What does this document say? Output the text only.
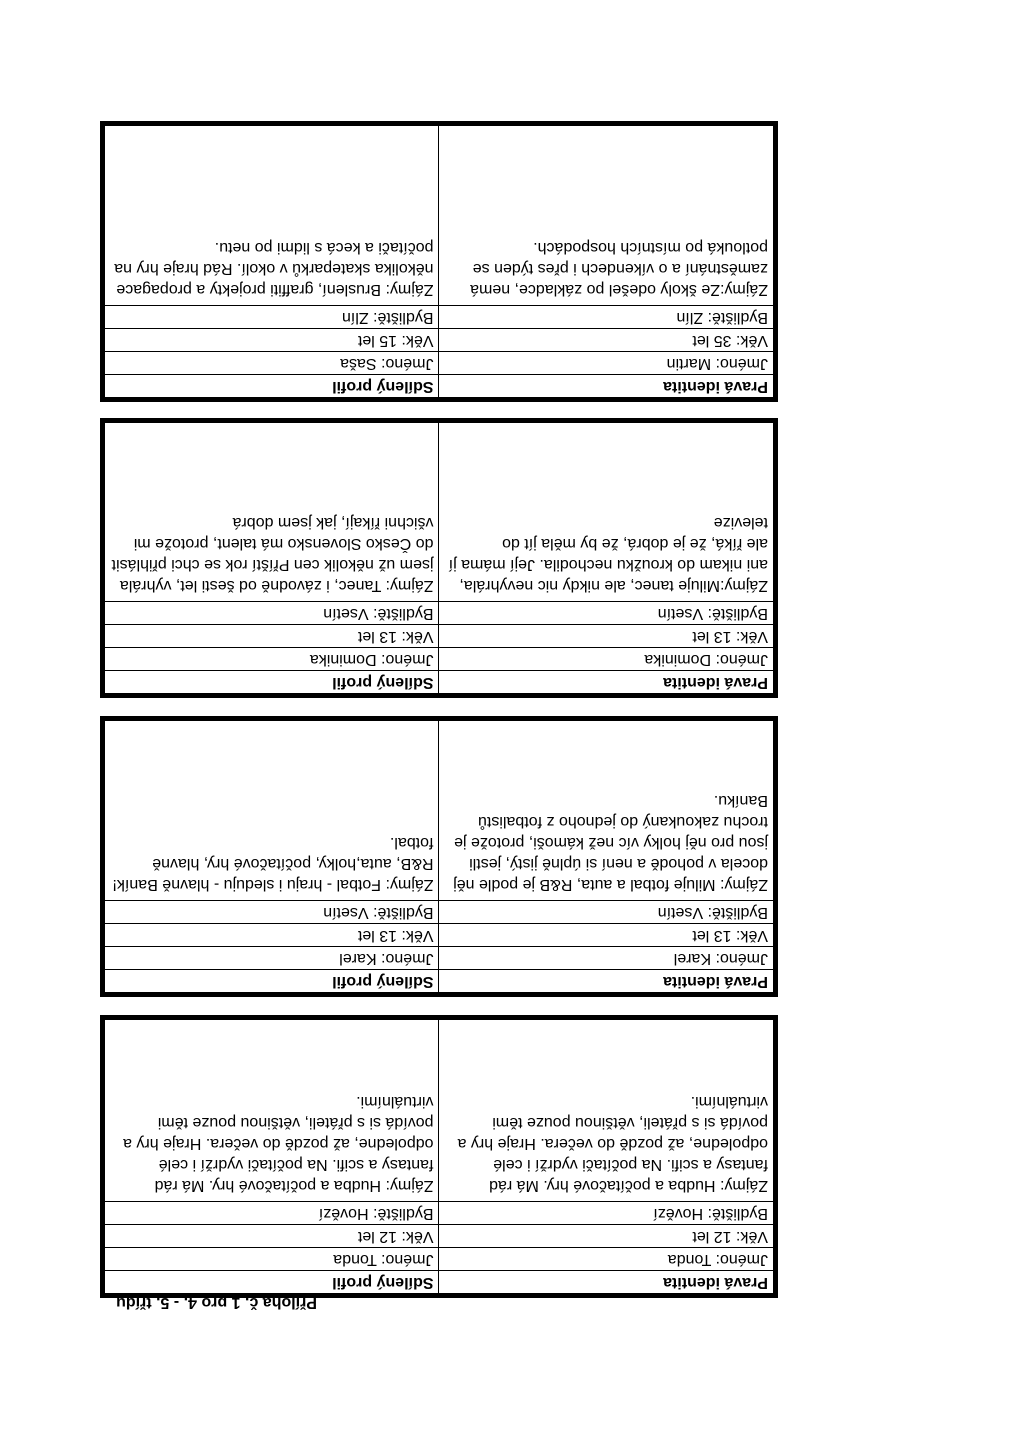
Příloha č. 1 pro 4. - 5. třídu
Pravá identita	Sdílený profil
Jméno: Tonda	Jméno: Tonda
Věk: 12 let	Věk: 12 let
Bydliště: Hovězí	Bydliště: Hovězí
Zájmy: Hudba a počítačové hry. Má rád fantasy a scifi. Na počítači vydrží i celé odpoledne, až pozdě do večera. Hraje hry a povídá si s přáteli, většinou pouze těmi virtuálními.	Zájmy: Hudba a počítačové hry. Má rád fantasy a scifi. Na počítači vydrží i celé odpoledne, až pozdě do večera. Hraje hry a povídá si s přáteli, většinou pouze těmi virtuálními.
Pravá identita	Sdílený profil
Jméno: Karel	Jméno: Karel
Věk: 13 let	Věk: 13 let
Bydliště: Vsetín	Bydliště: Vsetín
Zájmy: Miluje fotbal a auta, R&B je podle něj docela v pohodě a není si úplně jistý, jestli jsou pro něj holky víc než kámoši, protože je trochu zakoukaný do jednoho z fotbalistů Baníku.	Zájmy: Fotbal - hraju i sleduju - hlavně Baník! R&B, auta,holky, počítačové hry, hlavně fotbal.
Pravá identita	Sdílený profil
Jméno: Dominika	Jméno: Dominika
Věk: 13 let	Věk: 13 let
Bydliště: Vsetín	Bydliště: Vsetín
Zájmy:Miluje tanec, ale nikdy nic nevyhrála, ani nikam do kroužku nechodila. Její máma jí ale říká, že je dobrá, že by měla jít do televize	Zájmy: Tanec, i závodně od šesti let, vyhrála jsem už několik cen Příští rok se chci přihlásit do Česko Slovensko má talent, protože mi všichni říkají, jak jsem dobrá
Pravá identita	Sdílený profil
Jméno: Martin	Jméno: Saša
Věk: 35 let	Věk: 15 let
Bydliště: Zlín	Bydliště: Zlín
Zájmy:Ze školy odešel po základce, nemá zaměstnání a o víkendech i přes týden se potlouká po místních hospodách.	Zájmy: Bruslení, graffiti projekty a propagace několika skateparků v okolí. Rád hraje hry na počítači a kecá s lidmi po netu.
